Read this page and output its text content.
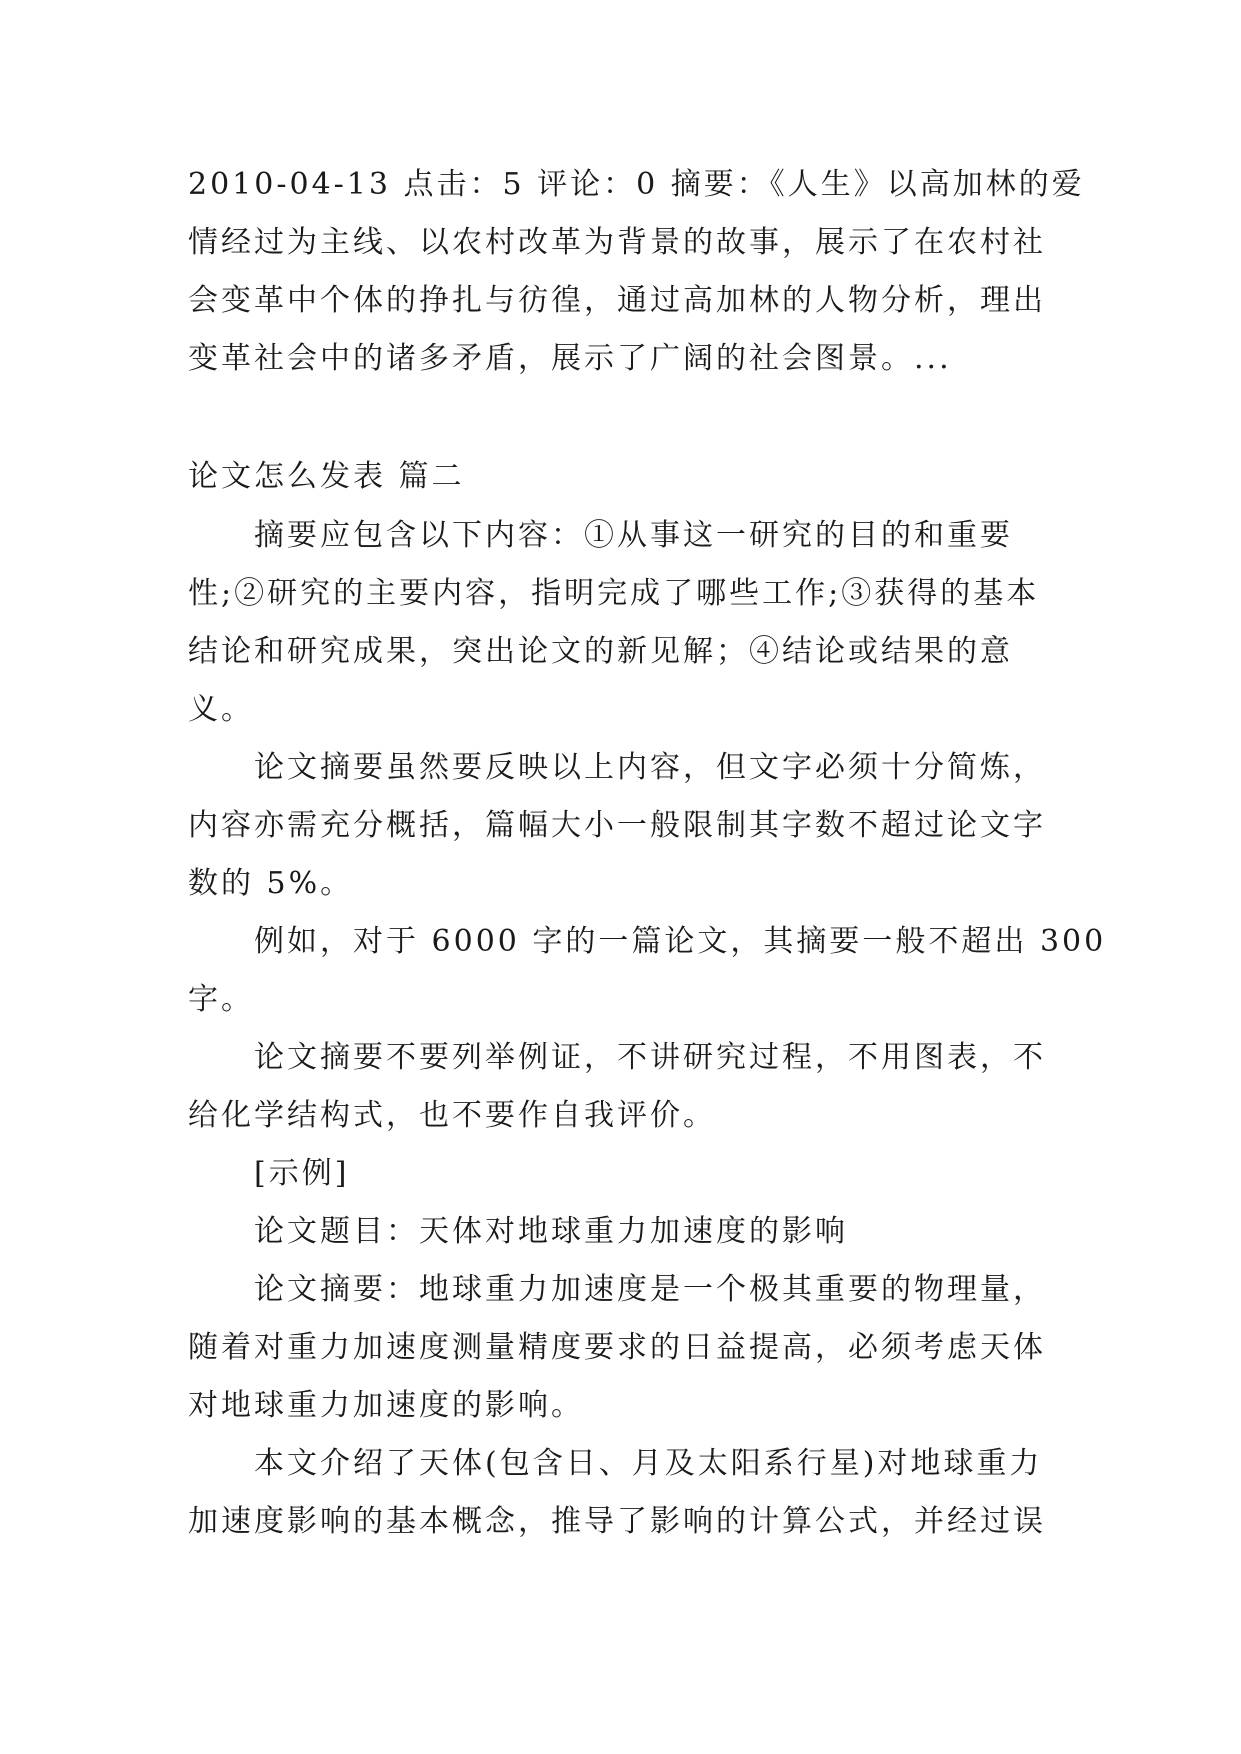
2010-04-13 点击：5 评论：0 摘要：《人生》以高加林的爱
情经过为主线、以农村改革为背景的故事，展示了在农村社
会变革中个体的挣扎与彷徨，通过高加林的人物分析，理出
变革社会中的诸多矛盾，展示了广阔的社会图景。...
论文怎么发表 篇二

摘要应包含以下内容：①从事这一研究的目的和重要
性;②研究的主要内容，指明完成了哪些工作;③获得的基本
结论和研究成果，突出论文的新见解；④结论或结果的意
义。

论文摘要虽然要反映以上内容，但文字必须十分简炼，
内容亦需充分概括，篇幅大小一般限制其字数不超过论文字
数的 5%。

例如，对于 6000 字的一篇论文，其摘要一般不超出 300
字。

论文摘要不要列举例证，不讲研究过程，不用图表，不
给化学结构式，也不要作自我评价。

[示例]

论文题目：天体对地球重力加速度的影响

论文摘要：地球重力加速度是一个极其重要的物理量，
随着对重力加速度测量精度要求的日益提高，必须考虑天体
对地球重力加速度的影响。

本文介绍了天体(包含日、月及太阳系行星)对地球重力
加速度影响的基本概念，推导了影响的计算公式，并经过误
